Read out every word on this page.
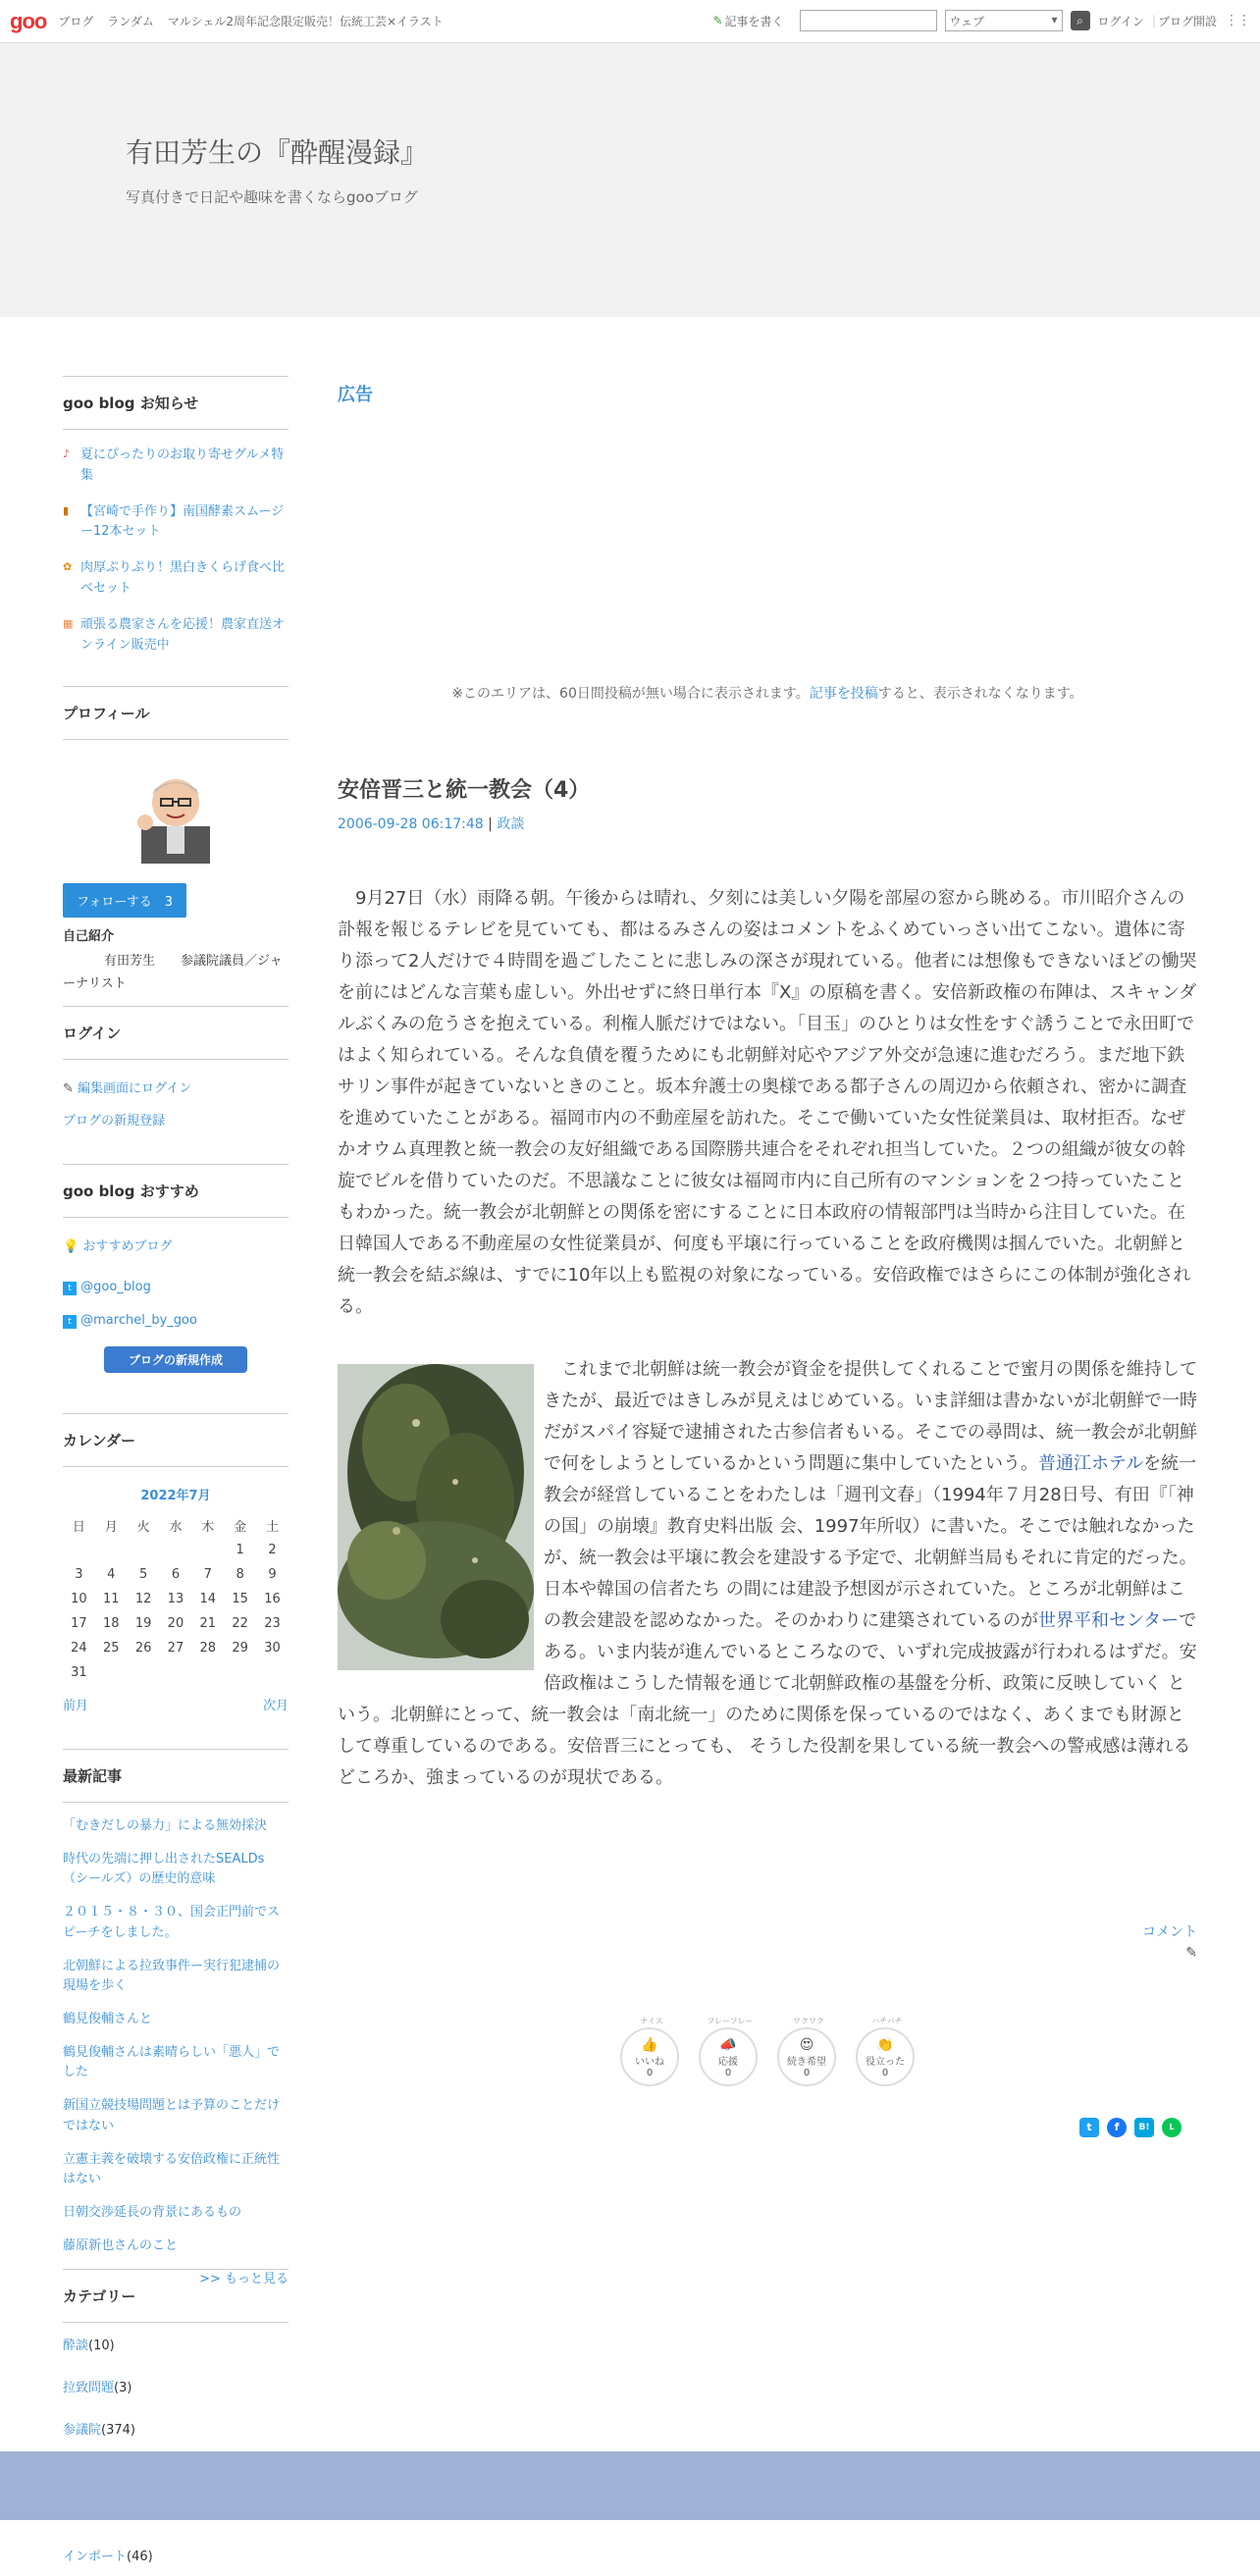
goo ブログ ランダム マルシェル2周年記念限定販売！伝統工芸×イラスト	✎ 記事を書く	ウェブ	▾	⌕	ログイン | ブログ開設 ⋮⋮
有田芳生の『酔醒漫録』
写真付きで日記や趣味を書くならgooブログ
goo blog お知らせ
♪ 夏にぴったりのお取り寄せグルメ特集
▮ 【宮崎で手作り】南国酵素スムージー12本セット
✿ 肉厚ぷりぷり！黒白きくらげ食べ比べセット
▦ 頑張る農家さんを応援！農家直送オンライン販売中
プロフィール
フォローする　 3
自己紹介
有田芳生　　参議院議員／ジャーナリスト
ログイン
✎ 編集画面にログイン
ブログの新規登録
goo blog おすすめ
💡 おすすめブログ
t @goo_blog
t @marchel_by_goo
ブログの新規作成
カレンダー
2022年7月
日	月	火	水	木	金	土
					1	2
3	4	5	6	7	8	9
10	11	12	13	14	15	16
17	18	19	20	21	22	23
24	25	26	27	28	29	30
31						
前月	次月
最新記事
「むきだしの暴力」による無効採決
時代の先端に押し出されたSEALDs（シールズ）の歴史的意味
２０１５・８・３０、国会正門前でスピーチをしました。
北朝鮮による拉致事件ー実行犯逮捕の現場を歩く
鶴見俊輔さんと
鶴見俊輔さんは素晴らしい「悪人」でした
新国立競技場問題とは予算のことだけではない
立憲主義を破壊する安倍政権に正統性はない
日朝交渉延長の背景にあるもの
藤原新也さんのこと
>> もっと見る
カテゴリー
酔談(10)
拉致問題(3)
参議院(374)
インポート(46)
広告
※このエリアは、60日間投稿が無い場合に表示されます。記事を投稿すると、表示されなくなります。
安倍晋三と統一教会（4）
2006-09-28 06:17:48 | 政談
　9月27日（水）雨降る朝。午後からは晴れ、夕刻には美しい夕陽を部屋の窓から眺める。市川昭介さんの訃報を報じるテレビを見ていても、都はるみさんの姿はコメントをふくめていっさい出てこない。遺体に寄り添って2人だけで４時間を過ごしたことに悲しみの深さが現れている。他者には想像もできないほどの慟哭を前にはどんな言葉も虚しい。外出せずに終日単行本『X』の原稿を書く。安倍新政権の布陣は、スキャンダルぶくみの危うさを抱えている。利権人脈だけではない。「目玉」のひとりは女性をすぐ誘うことで永田町ではよく知られている。そんな負債を覆うためにも北朝鮮対応やアジア外交が急速に進むだろう。まだ地下鉄サリン事件が起きていないときのこと。坂本弁護士の奥様である都子さんの周辺から依頼され、密かに調査を進めていたことがある。福岡市内の不動産屋を訪れた。そこで働いていた女性従業員は、取材拒否。なぜかオウム真理教と統一教会の友好組織である国際勝共連合をそれぞれ担当していた。２つの組織が彼女の斡旋でビルを借りていたのだ。不思議なことに彼女は福岡市内に自己所有のマンションを２つ持っていたこともわかった。統一教会が北朝鮮との関係を密にすることに日本政府の情報部門は当時から注目していた。在日韓国人である不動産屋の女性従業員が、何度も平壌に行っていることを政府機関は掴んでいた。北朝鮮と統一教会を結ぶ線は、すでに10年以上も監視の対象になっている。安倍政権ではさらにこの体制が強化される。
　これまで北朝鮮は統一教会が資金を提供してくれることで蜜月の関係を維持してきたが、最近ではきしみが見えはじめている。いま詳細は書かないが北朝鮮で一時だがスパイ容疑で逮捕された古参信者もいる。そこでの尋問は、統一教会が北朝鮮で何をしようとしているかという問題に集中していたという。普通江ホテルを統一教会が経営していることをわたしは「週刊文春」（1994年７月28日号、有田『「神の国」の崩壊』教育史料出版 会、1997年所収）に書いた。そこでは触れなかったが、統一教会は平壌に教会を建設する予定で、北朝鮮当局もそれに肯定的だった。日本や韓国の信者たち の間には建設予想図が示されていた。ところが北朝鮮はこの教会建設を認めなかった。そのかわりに建築されているのが世界平和センターで ある。いま内装が進んでいるところなので、いずれ完成披露が行われるはずだ。安倍政権はこうした情報を通じて北朝鮮政権の基盤を分析、政策に反映していく という。北朝鮮にとって、統一教会は「南北統一」のために関係を保っているのではなく、あくまでも財源として尊重しているのである。安倍晋三にとっても、 そうした役割を果している統一教会への警戒感は薄れるどころか、強まっているのが現状である。
コメント
✎
ナイス
👍
いいね
0
フレーフレー
📣
応援
0
ワクワク
😍
続き希望
0
ハチバチ
👏
役立った
0
t	f	B!	L
